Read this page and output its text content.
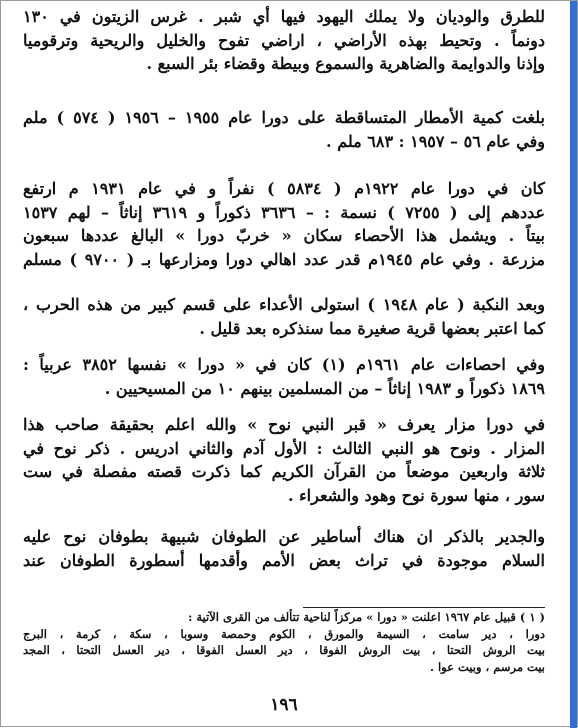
للطرق والوديان ولا يملك اليهود فيها أي شبر . غرس الزيتون في ١٣٠

دونماً . وتحيط بهذه الأراضي ، اراضي تفوح والخليل والريحية وترقوميا

وإذنا والدوايمة والضاهرية والسموع وبيطة وقضاء بئر السبع .

بلغت كمية الأمطار المتساقطة على دورا عام ١٩٥٥ – ١٩٥٦ ( ٥٧٤ ) ملم

وفي عام ٥٦ – ١٩٥٧ : ٦٨٣ ملم .

كان في دورا عام ١٩٢٢م ( ٥٨٣٤ ) نفراً و في عام ١٩٣١ م ارتفع

عددهم إلى ( ٧٢٥٥ ) نسمة : – ٣٦٣٦ ذكوراً و ٣٦١٩ إناثاً – لهم ١٥٣٧

بيتاً . ويشمل هذا الأحصاء سكان « خربّ دورا » البالغ عددها سبعون

مزرعة . وفي عام ١٩٤٥م قدر عدد اهالي دورا ومزارعها بـ ( ٩٧٠٠ ) مسلم

وبعد النكبة ( عام ١٩٤٨ ) استولى الأعداء على قسم كبير من هذه الحرب ،

كما اعتبر بعضها قرية صغيرة مما سنذكره بعد قليل .

وفي احصاءات عام ١٩٦١م (١) كان في « دورا » نفسها ٣٨٥٢ عربياً :

١٨٦٩ ذكوراً و ١٩٨٣ إناثاً – من المسلمين بينهم ١٠ من المسيحيين .

في دورا مزار يعرف « قبر النبي نوح » والله اعلم بحقيقة صاحب هذا

المزار . ونوح هو النبي الثالث : الأول آدم والثاني ادريس . ذكر نوح في

ثلاثة واربعين موضعاً من القرآن الكريم كما ذكرت قصته مفصلة في ست

سور ، منها سورة نوح وهود والشعراء .

والجدير بالذكر ان هناك أساطير عن الطوفان شبيهة بطوفان نوح عليه

السلام موجودة في تراث بعض الأمم وأقدمها أسطورة الطوفان عند

( ١ ) قبيل عام ١٩٦٧ اعلنت « دورا » مركزاً لناحية تتألف من القرى الآتية :

دورا ، دير سامت ، السيمة والمورق ، الكوم وحمصة وسوبا ، سكة ، كرمة ، البرج

بيت الروش التحتا ، بيت الروش الفوقا ، دير العسل الفوقا ، دير العسل التحتا ، المجد

بيت مرسم ، وبيت عوا .

١٩٦
